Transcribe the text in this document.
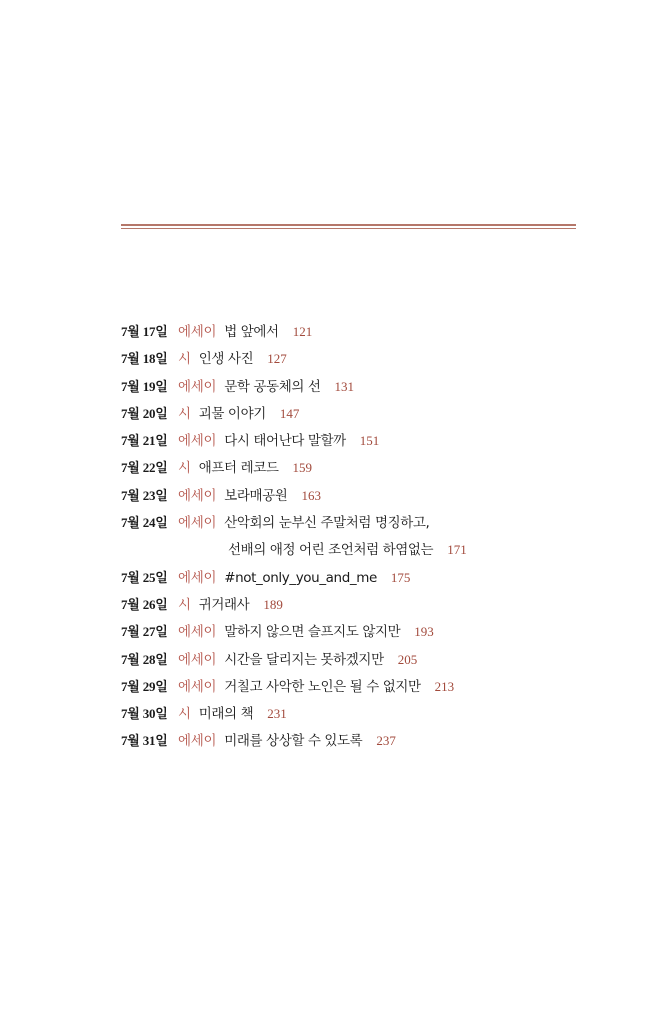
7월 17일 에세이 법 앞에서 121
7월 18일 시 인생 사진 127
7월 19일 에세이 문학 공동체의 선 131
7월 20일 시 괴물 이야기 147
7월 21일 에세이 다시 태어난다 말할까 151
7월 22일 시 애프터 레코드 159
7월 23일 에세이 보라매공원 163
7월 24일 에세이 산악회의 눈부신 주말처럼 명징하고,
선배의 애정 어린 조언처럼 하염없는 171
7월 25일 에세이 #not_only_you_and_me 175
7월 26일 시 귀거래사 189
7월 27일 에세이 말하지 않으면 슬프지도 않지만 193
7월 28일 에세이 시간을 달리지는 못하겠지만 205
7월 29일 에세이 거칠고 사악한 노인은 될 수 없지만 213
7월 30일 시 미래의 책 231
7월 31일 에세이 미래를 상상할 수 있도록 237
